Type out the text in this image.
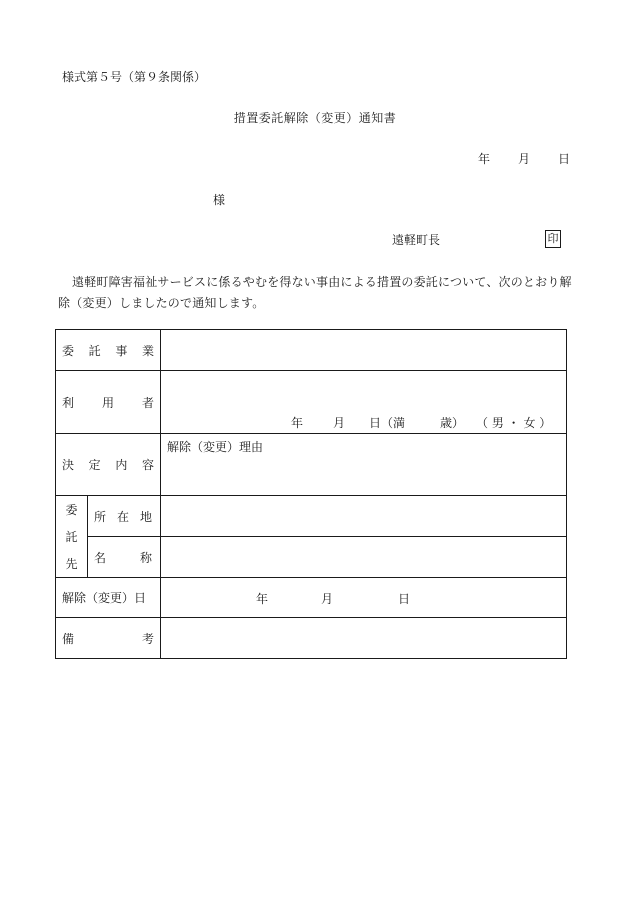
様式第５号（第９条関係）
措置委託解除（変更）通知書
年 月 日
様
遠軽町長	印
遠軽町障害福祉サービスに係るやむを得ない事由による措置の委託について、次のとおり解除（変更）しましたので通知します。
委 託 事 業		

利 用 者		年 月 日（満 歳） （ 男 ・ 女 ）

決 定 内 容		解除（変更）理由

委
託
先	所 在 地	

	名 称	

解除（変更）日		年 月 日

備 考		
